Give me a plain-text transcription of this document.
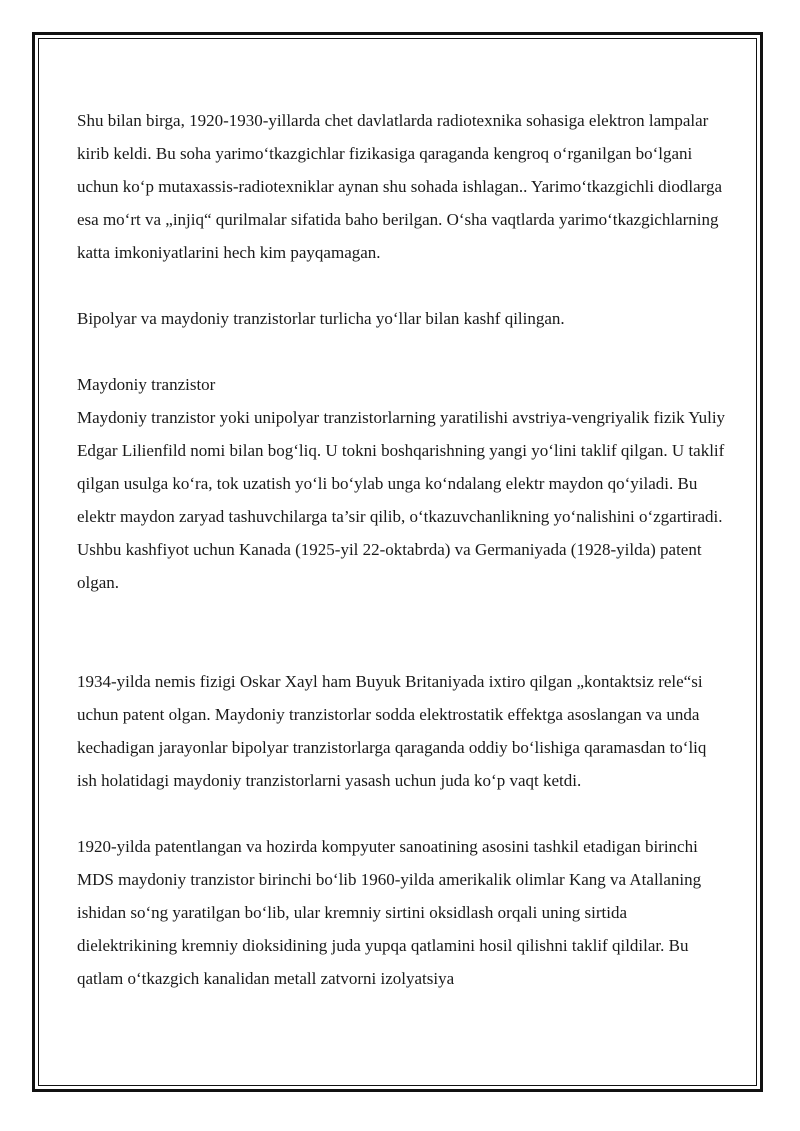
Shu bilan birga, 1920-1930-yillarda chet davlatlarda radiotexnika sohasiga elektron lampalar kirib keldi. Bu soha yarimo‘tkazgichlar fizikasiga qaraganda kengroq o‘rganilgan bo‘lgani uchun ko‘p mutaxassis-radiotexniklar aynan shu sohada ishlagan.. Yarimo‘tkazgichli diodlarga esa mo‘rt va „injiq“ qurilmalar sifatida baho berilgan. O‘sha vaqtlarda yarimo‘tkazgichlarning katta imkoniyatlarini hech kim payqamagan.

Bipolyar va maydoniy tranzistorlar turlicha yo‘llar bilan kashf qilingan.

Maydoniy tranzistor

Maydoniy tranzistor yoki unipolyar tranzistorlarning yaratilishi avstriya-vengriyalik fizik Yuliy Edgar Lilienfild nomi bilan bog‘liq. U tokni boshqarishning yangi yo‘lini taklif qilgan. U taklif qilgan usulga ko‘ra, tok uzatish yo‘li bo‘ylab unga ko‘ndalang elektr maydon qo‘yiladi. Bu elektr maydon zaryad tashuvchilarga ta’sir qilib, o‘tkazuvchanlikning yo‘nalishini o‘zgartiradi. Ushbu kashfiyot uchun Kanada (1925-yil 22-oktabrda) va Germaniyada (1928-yilda) patent olgan.

1934-yilda nemis fizigi Oskar Xayl ham Buyuk Britaniyada ixtiro qilgan „kontaktsiz rele“si uchun patent olgan. Maydoniy tranzistorlar sodda elektrostatik effektga asoslangan va unda kechadigan jarayonlar bipolyar tranzistorlarga qaraganda oddiy bo‘lishiga qaramasdan to‘liq ish holatidagi maydoniy tranzistorlarni yasash uchun juda ko‘p vaqt ketdi.

1920-yilda patentlangan va hozirda kompyuter sanoatining asosini tashkil etadigan birinchi MDS maydoniy tranzistor birinchi bo‘lib 1960-yilda amerikalik olimlar Kang va Atallaning ishidan so‘ng yaratilgan bo‘lib, ular kremniy sirtini oksidlash orqali uning sirtida dielektrikining kremniy dioksidining juda yupqa qatlamini hosil qilishni taklif qildilar. Bu qatlam o‘tkazgich kanalidan metall zatvorni izolyatsiya
